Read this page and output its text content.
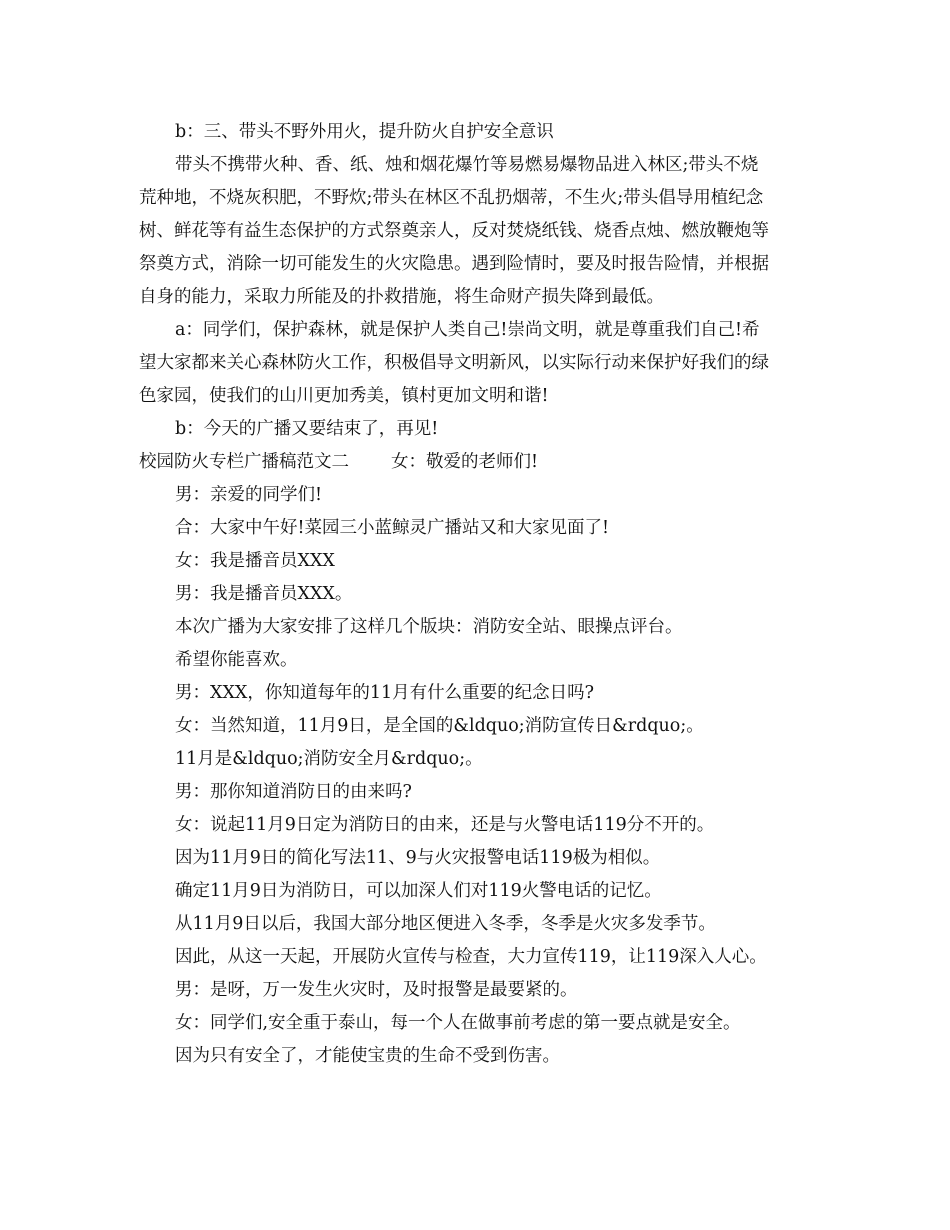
b：三、带头不野外用火，提升防火自护安全意识
带头不携带火种、香、纸、烛和烟花爆竹等易燃易爆物品进入林区;带头不烧
荒种地，不烧灰积肥，不野炊;带头在林区不乱扔烟蒂，不生火;带头倡导用植纪念
树、鲜花等有益生态保护的方式祭奠亲人，反对焚烧纸钱、烧香点烛、燃放鞭炮等
祭奠方式，消除一切可能发生的火灾隐患。遇到险情时，要及时报告险情，并根据
自身的能力，采取力所能及的扑救措施，将生命财产损失降到最低。
a：同学们，保护森林，就是保护人类自己!崇尚文明，就是尊重我们自己!希
望大家都来关心森林防火工作，积极倡导文明新风，以实际行动来保护好我们的绿
色家园，使我们的山川更加秀美，镇村更加文明和谐!
b：今天的广播又要结束了，再见!
校园防火专栏广播稿范文二 女：敬爱的老师们!
男：亲爱的同学们!
合：大家中午好!菜园三小蓝鲸灵广播站又和大家见面了!
女：我是播音员XXX
男：我是播音员XXX。
本次广播为大家安排了这样几个版块：消防安全站、眼操点评台。
希望你能喜欢。
男：XXX，你知道每年的11月有什么重要的纪念日吗?
女：当然知道，11月9日，是全国的&ldquo;消防宣传日&rdquo;。
11月是&ldquo;消防安全月&rdquo;。
男：那你知道消防日的由来吗?
女：说起11月9日定为消防日的由来，还是与火警电话119分不开的。
因为11月9日的简化写法11、9与火灾报警电话119极为相似。
确定11月9日为消防日，可以加深人们对119火警电话的记忆。
从11月9日以后，我国大部分地区便进入冬季，冬季是火灾多发季节。
因此，从这一天起，开展防火宣传与检查，大力宣传119，让119深入人心。
男：是呀，万一发生火灾时，及时报警是最要紧的。
女：同学们,安全重于泰山，每一个人在做事前考虑的第一要点就是安全。
因为只有安全了，才能使宝贵的生命不受到伤害。
